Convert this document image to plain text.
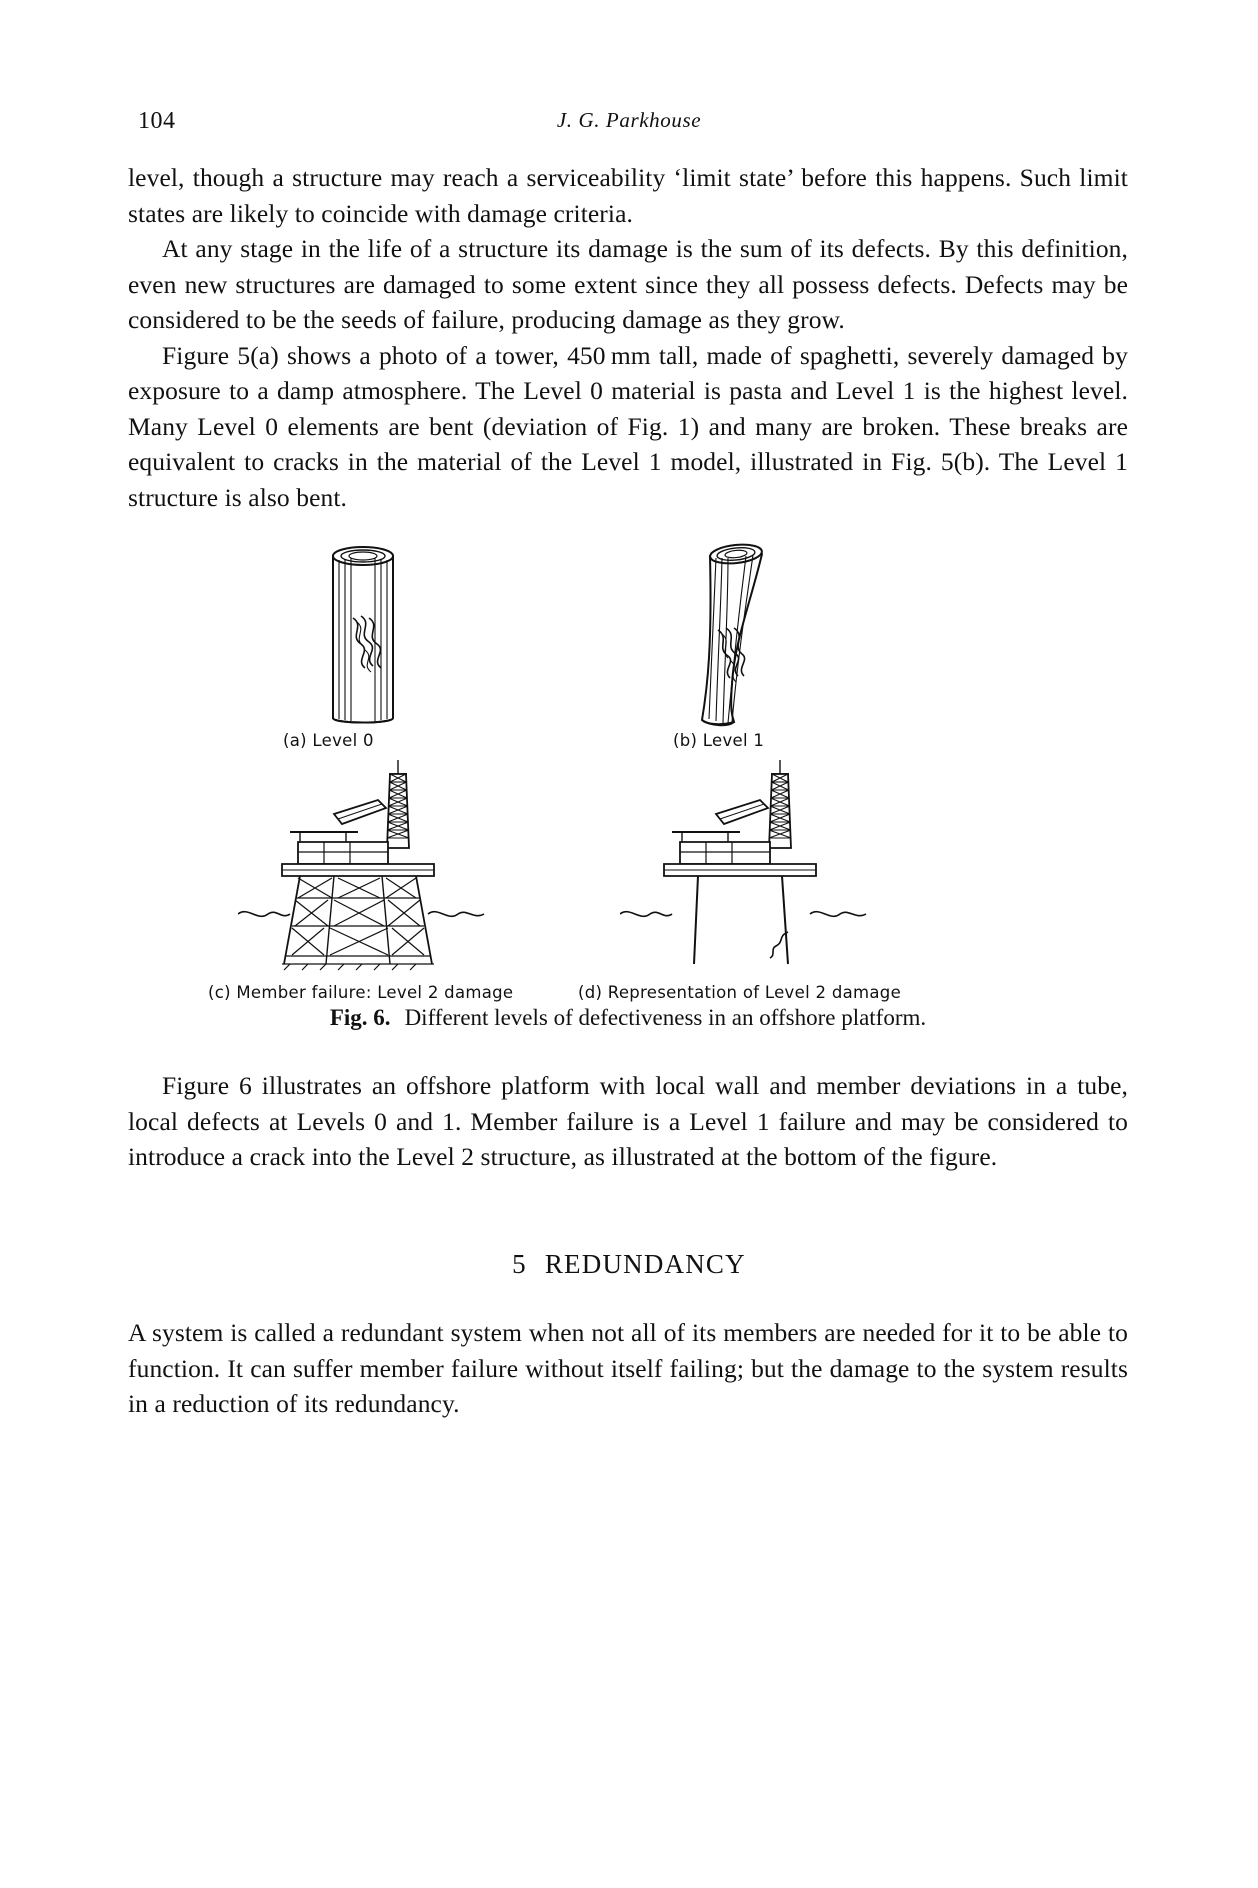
104	J. G. Parkhouse

level, though a structure may reach a serviceability ‘limit state’ before this happens. Such limit states are likely to coincide with damage criteria.

At any stage in the life of a structure its damage is the sum of its defects. By this definition, even new structures are damaged to some extent since they all possess defects. Defects may be considered to be the seeds of failure, producing damage as they grow.

Figure 5(a) shows a photo of a tower, 450 mm tall, made of spaghetti, severely damaged by exposure to a damp atmosphere. The Level 0 material is pasta and Level 1 is the highest level. Many Level 0 elements are bent (deviation of Fig. 1) and many are broken. These breaks are equivalent to cracks in the material of the Level 1 model, illustrated in Fig. 5(b). The Level 1 structure is also bent.

(a) Level 0	(b) Level 1
(c) Member failure: Level 2 damage	(d) Representation of Level 2 damage
Fig. 6. Different levels of defectiveness in an offshore platform.

Figure 6 illustrates an offshore platform with local wall and member deviations in a tube, local defects at Levels 0 and 1. Member failure is a Level 1 failure and may be considered to introduce a crack into the Level 2 structure, as illustrated at the bottom of the figure.

5 REDUNDANCY

A system is called a redundant system when not all of its members are needed for it to be able to function. It can suffer member failure without itself failing; but the damage to the system results in a reduction of its redundancy.
